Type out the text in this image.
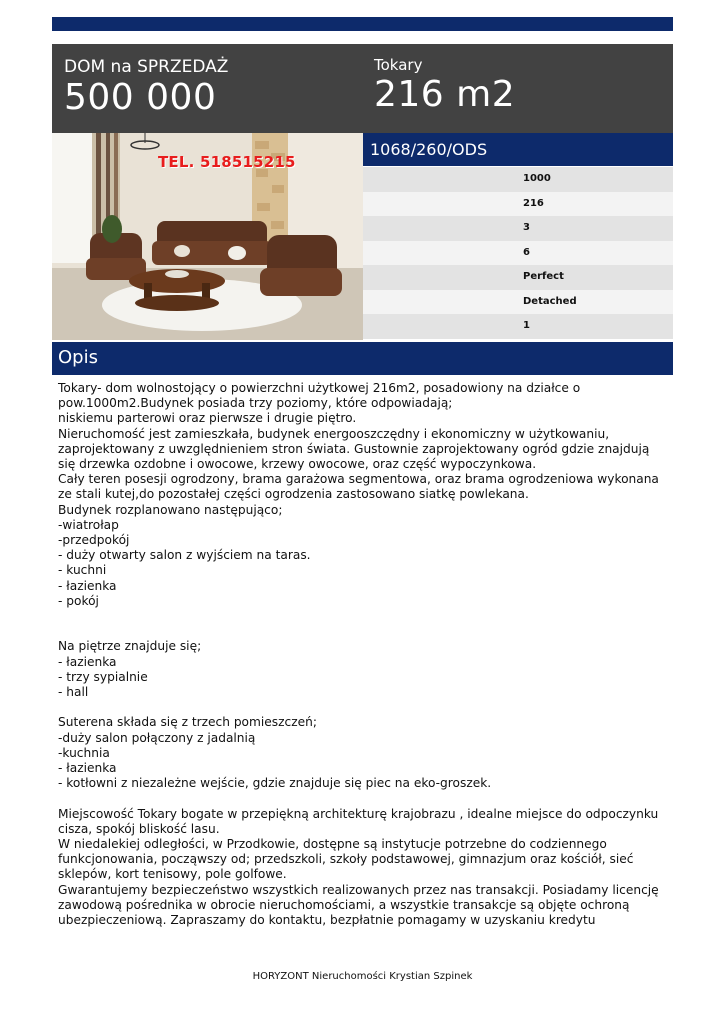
DOM na SPRZEDAŻ
500 000
Tokary
216 m2
TEL. 518515215
1068/260/ODS
1000
216
3
6
Perfect
Detached
1
Opis
Tokary- dom wolnostojący o powierzchni użytkowej 216m2, posadowiony na działce o
pow.1000m2.Budynek posiada trzy poziomy, które odpowiadają;
niskiemu parterowi oraz pierwsze i drugie piętro.
Nieruchomość jest zamieszkała, budynek energooszczędny i ekonomiczny w użytkowaniu,
zaprojektowany z uwzględnieniem stron świata. Gustownie zaprojektowany ogród gdzie znajdują
się drzewka ozdobne i owocowe, krzewy owocowe, oraz część wypoczynkowa.
Cały teren posesji ogrodzony, brama garażowa segmentowa, oraz brama ogrodzeniowa wykonana
ze stali kutej,do pozostałej części ogrodzenia zastosowano siatkę powlekana.
Budynek rozplanowano następująco;
-wiatrołap
-przedpokój
- duży otwarty salon z wyjściem na taras.
- kuchni
- łazienka
- pokój
Na piętrze znajduje się;
- łazienka
- trzy sypialnie
- hall
Suterena składa się z trzech pomieszczeń;
-duży salon połączony z jadalnią
-kuchnia
- łazienka
- kotłowni z niezależne wejście, gdzie znajduje się piec na eko-groszek.
Miejscowość Tokary bogate w przepiękną architekturę krajobrazu , idealne miejsce do odpoczynku
cisza, spokój bliskość lasu.
W niedalekiej odległości, w Przodkowie, dostępne są instytucje potrzebne do codziennego
funkcjonowania, począwszy od; przedszkoli, szkoły podstawowej, gimnazjum oraz kościół, sieć
sklepów, kort tenisowy, pole golfowe.
Gwarantujemy bezpieczeństwo wszystkich realizowanych przez nas transakcji. Posiadamy licencję
zawodową pośrednika w obrocie nieruchomościami, a wszystkie transakcje są objęte ochroną
ubezpieczeniową. Zapraszamy do kontaktu, bezpłatnie pomagamy w uzyskaniu kredytu
HORYZONT Nieruchomości Krystian Szpinek
